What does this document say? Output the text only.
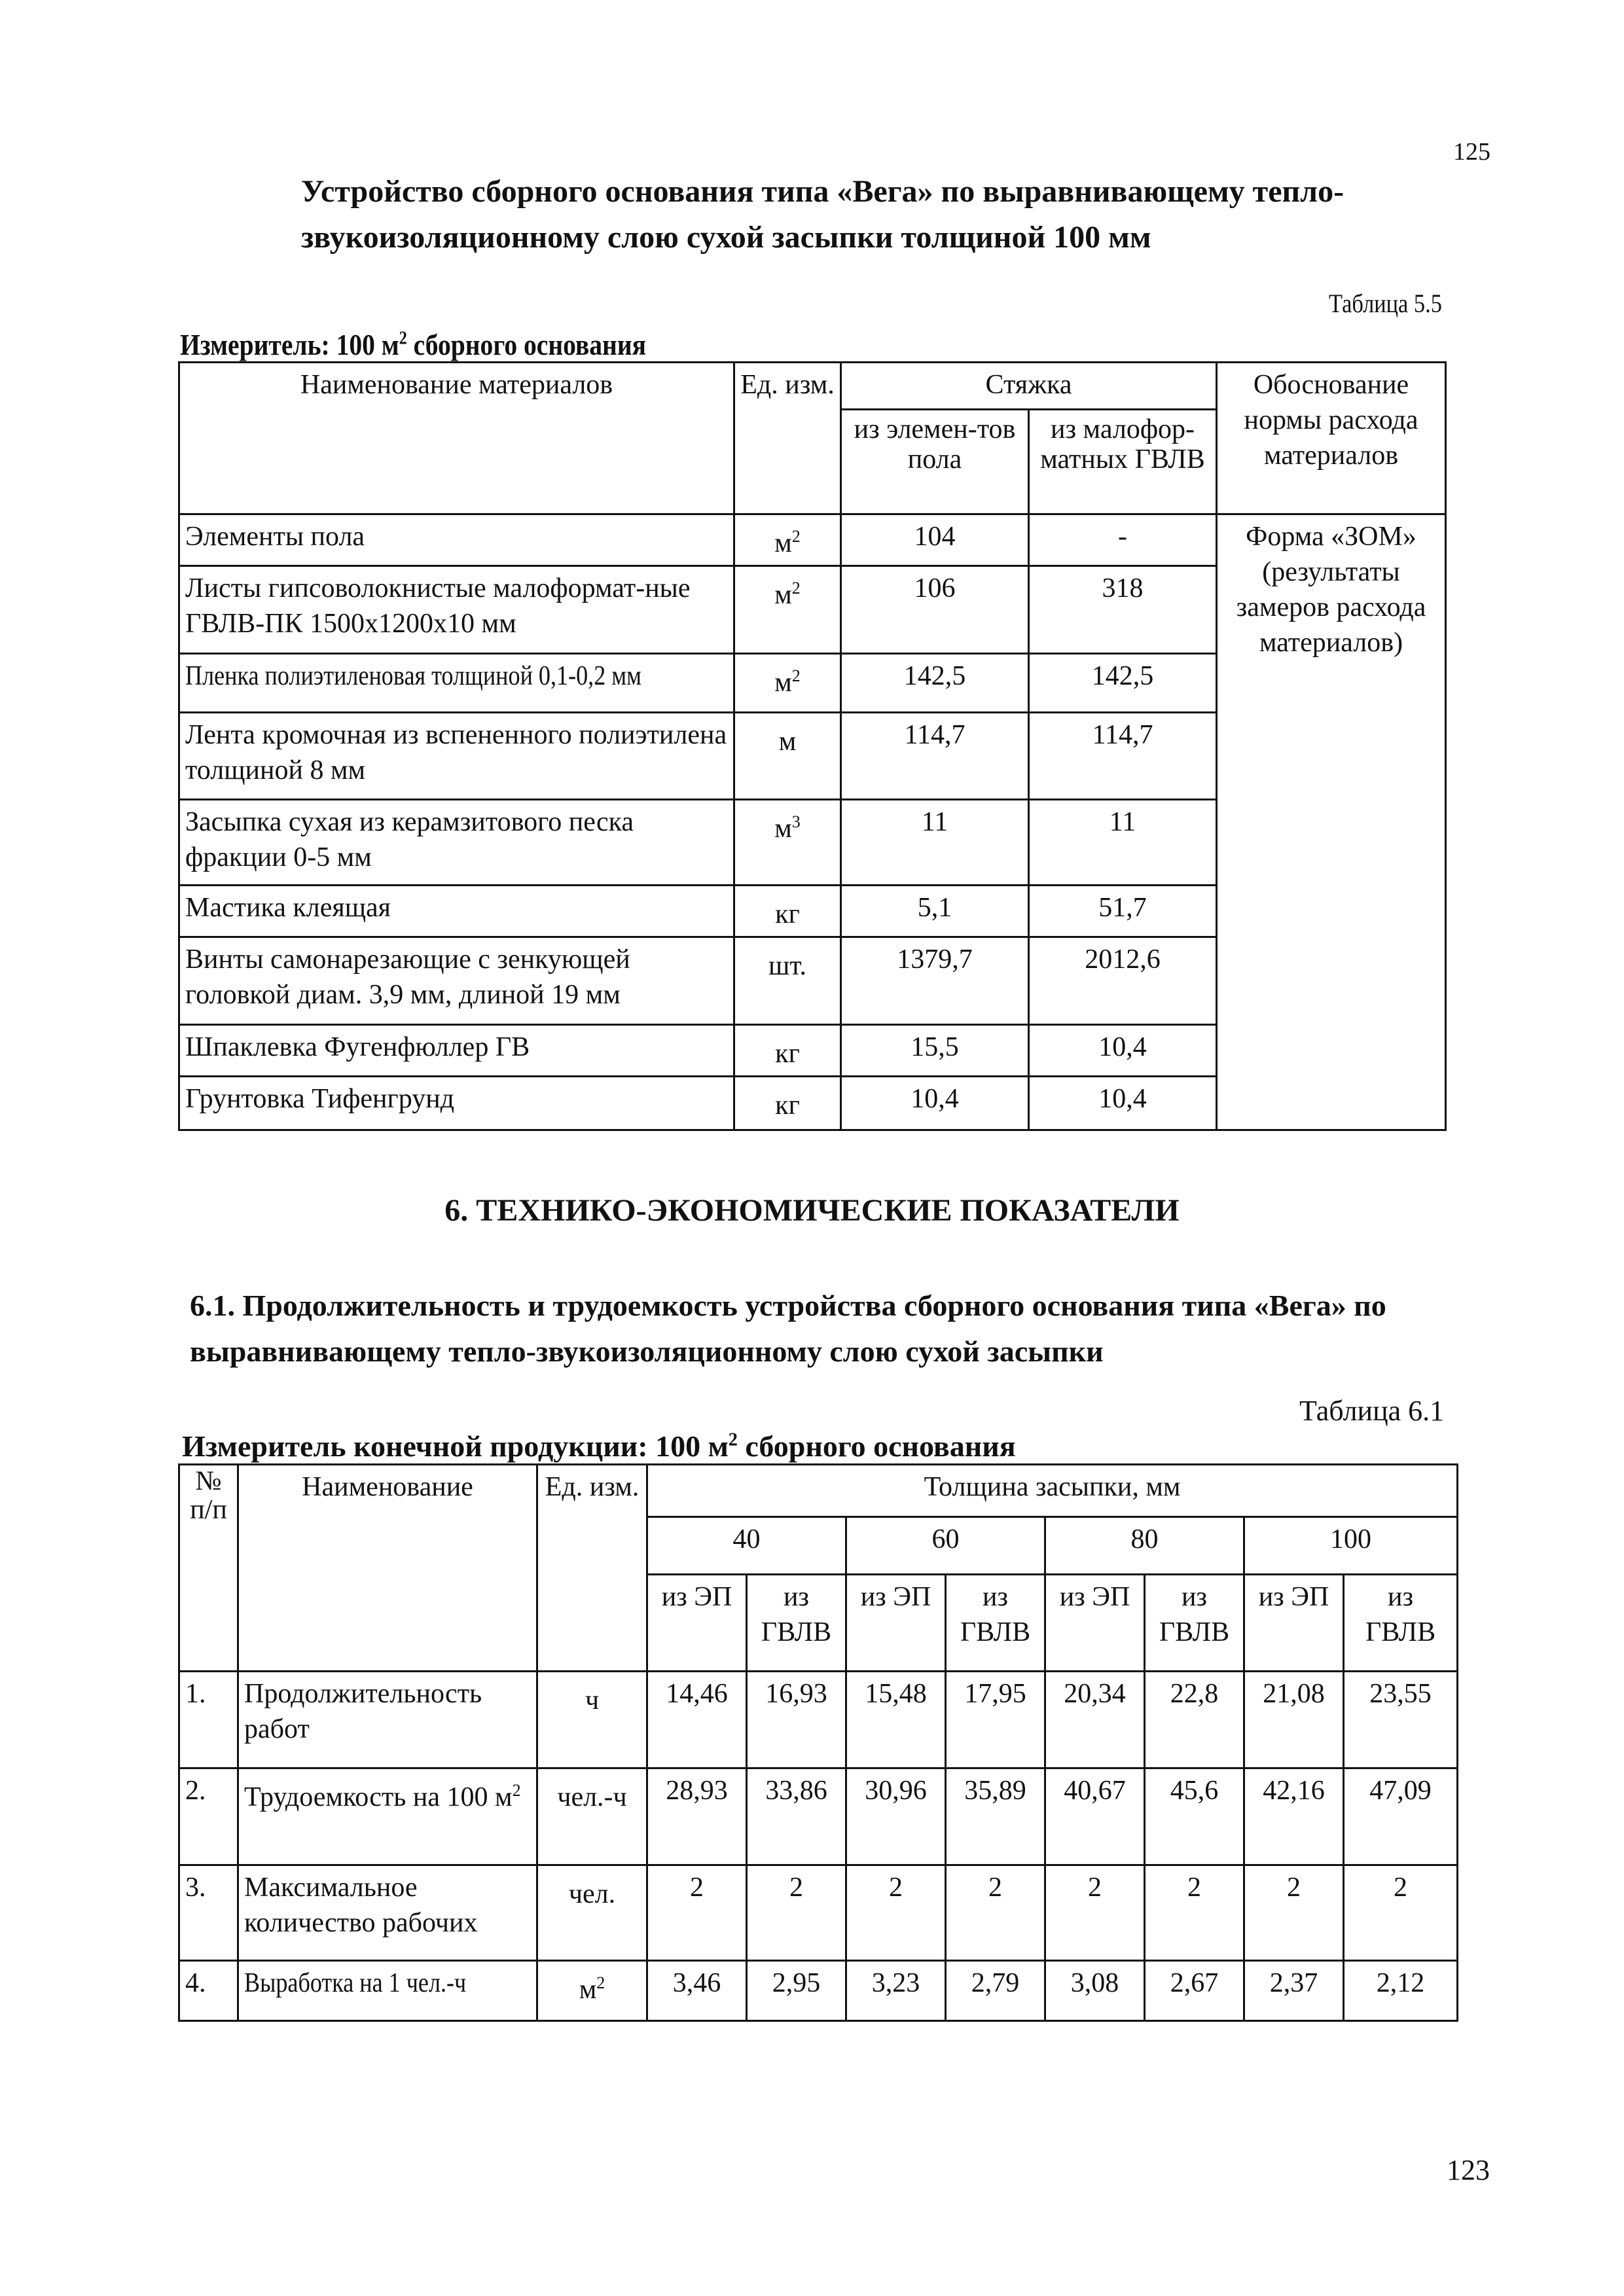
125
Устройство сборного основания типа «Вега» по выравнивающему тепло-звукоизоляционному слою сухой засыпки толщиной 100 мм
Таблица 5.5
Измеритель: 100 $м^2$ сборного основания
Наименование материалов	Ед. изм.	Стяжка		Обоснование нормы расхода материалов
		из элемен-тов пола	из малофор-матных ГВЛВ	
Элементы пола	$м^2$	104	-	Форма «ЗОМ» (результаты замеров расхода материалов)
Листы гипсоволокнистые малоформат-ные ГВЛВ-ПК 1500х1200х10 мм	$м^2$	106	318	
Пленка полиэтиленовая толщиной 0,1-0,2 мм	$м^2$	142,5	142,5	
Лента кромочная из вспененного полиэтилена толщиной 8 мм	м	114,7	114,7	
Засыпка сухая из керамзитового песка фракции 0-5 мм	$м^3$	11	11	
Мастика клеящая	кг	5,1	51,7	
Винты самонарезающие с зенкующей головкой диам. 3,9 мм, длиной 19 мм	шт.	1379,7	2012,6	
Шпаклевка Фугенфюллер ГВ	кг	15,5	10,4	
Грунтовка Тифенгрунд	кг	10,4	10,4	
6. ТЕХНИКО-ЭКОНОМИЧЕСКИЕ ПОКАЗАТЕЛИ
6.1. Продолжительность и трудоемкость устройства сборного основания типа «Вега» по выравнивающему тепло-звукоизоляционному слою сухой засыпки
Таблица 6.1
Измеритель конечной продукции: 100 $м^2$ сборного основания
№ п/п	Наименование	Ед. изм.	Толщина засыпки, мм							
			40		60		80		100	
			из ЭП	из ГВЛВ	из ЭП	из ГВЛВ	из ЭП	из ГВЛВ	из ЭП	из ГВЛВ
1.	Продолжительность работ	ч	14,46	16,93	15,48	17,95	20,34	22,8	21,08	23,55
2.	Трудоемкость на 100 $м^2$	чел.-ч	28,93	33,86	30,96	35,89	40,67	45,6	42,16	47,09
3.	Максимальное количество рабочих	чел.	2	2	2	2	2	2	2	2
4.	Выработка на 1 чел.-ч	$м^2$	3,46	2,95	3,23	2,79	3,08	2,67	2,37	2,12
123
